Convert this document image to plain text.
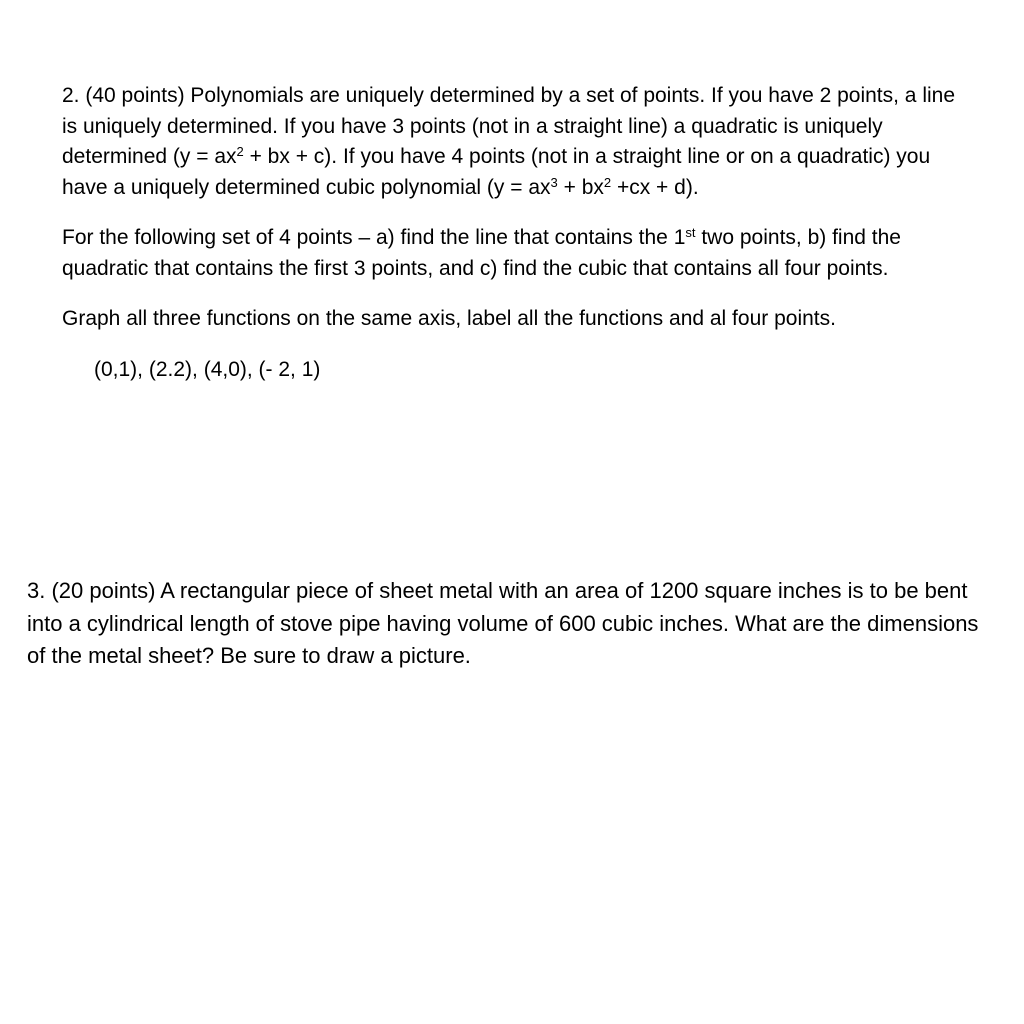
2. (40 points) Polynomials are uniquely determined by a set of points. If you have 2 points, a line is uniquely determined. If you have 3 points (not in a straight line) a quadratic is uniquely determined ($y = ax^2$ + bx + c). If you have 4 points (not in a straight line or on a quadratic) you have a uniquely determined cubic polynomial $(y = ax^3 + bx^2 +cx + d)$.

For the following set of 4 points – a) find the line that contains the 1st two points, b) find the quadratic that contains the first 3 points, and c) find the cubic that contains all four points.

Graph all three functions on the same axis, label all the functions and al four points.

(0,1), (2.2), (4,0), (- 2, 1)

3. (20 points) A rectangular piece of sheet metal with an area of 1200 square inches is to be bent into a cylindrical length of stove pipe having volume of 600 cubic inches. What are the dimensions of the metal sheet? Be sure to draw a picture.
